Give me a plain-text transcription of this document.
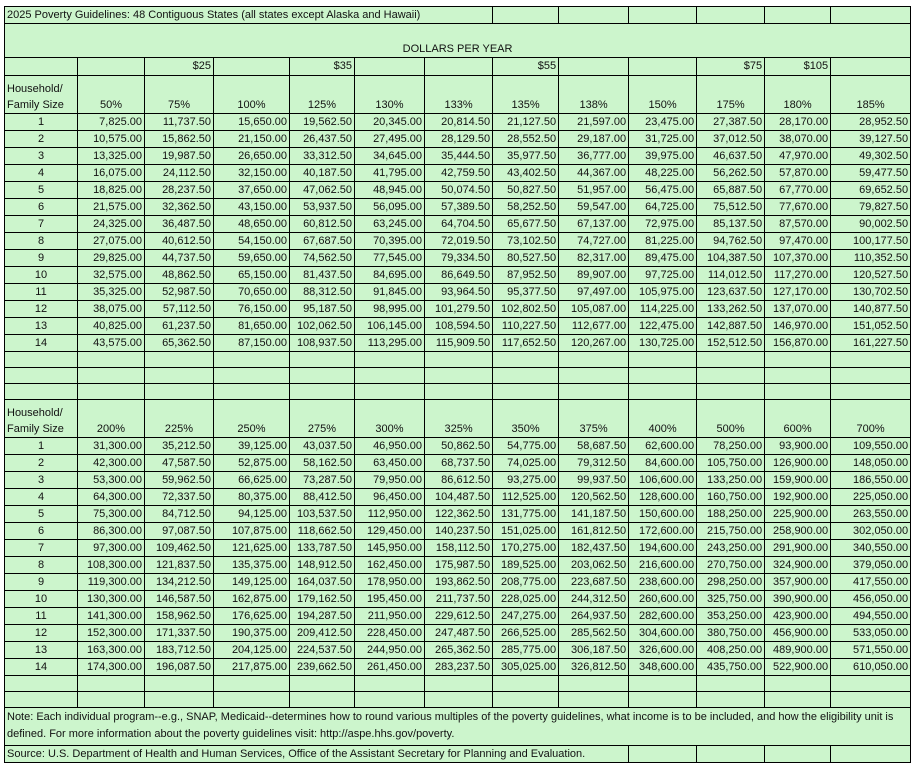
2025 Poverty Guidelines: 48 Contiguous States (all states except Alaska and Hawaii)												
DOLLARS PER YEAR												
		$25		$35			$55			$75	$105	

Household/
Family Size	50%	75%	100%	125%	130%	133%	135%	138%	150%	175%	180%	185%
1	7,825.00	11,737.50	15,650.00	19,562.50	20,345.00	20,814.50	21,127.50	21,597.00	23,475.00	27,387.50	28,170.00	28,952.50
2	10,575.00	15,862.50	21,150.00	26,437.50	27,495.00	28,129.50	28,552.50	29,187.00	31,725.00	37,012.50	38,070.00	39,127.50
3	13,325.00	19,987.50	26,650.00	33,312.50	34,645.00	35,444.50	35,977.50	36,777.00	39,975.00	46,637.50	47,970.00	49,302.50
4	16,075.00	24,112.50	32,150.00	40,187.50	41,795.00	42,759.50	43,402.50	44,367.00	48,225.00	56,262.50	57,870.00	59,477.50
5	18,825.00	28,237.50	37,650.00	47,062.50	48,945.00	50,074.50	50,827.50	51,957.00	56,475.00	65,887.50	67,770.00	69,652.50
6	21,575.00	32,362.50	43,150.00	53,937.50	56,095.00	57,389.50	58,252.50	59,547.00	64,725.00	75,512.50	77,670.00	79,827.50
7	24,325.00	36,487.50	48,650.00	60,812.50	63,245.00	64,704.50	65,677.50	67,137.00	72,975.00	85,137.50	87,570.00	90,002.50
8	27,075.00	40,612.50	54,150.00	67,687.50	70,395.00	72,019.50	73,102.50	74,727.00	81,225.00	94,762.50	97,470.00	100,177.50
9	29,825.00	44,737.50	59,650.00	74,562.50	77,545.00	79,334.50	80,527.50	82,317.00	89,475.00	104,387.50	107,370.00	110,352.50
10	32,575.00	48,862.50	65,150.00	81,437.50	84,695.00	86,649.50	87,952.50	89,907.00	97,725.00	114,012.50	117,270.00	120,527.50
11	35,325.00	52,987.50	70,650.00	88,312.50	91,845.00	93,964.50	95,377.50	97,497.00	105,975.00	123,637.50	127,170.00	130,702.50
12	38,075.00	57,112.50	76,150.00	95,187.50	98,995.00	101,279.50	102,802.50	105,087.00	114,225.00	133,262.50	137,070.00	140,877.50
13	40,825.00	61,237.50	81,650.00	102,062.50	106,145.00	108,594.50	110,227.50	112,677.00	122,475.00	142,887.50	146,970.00	151,052.50
14	43,575.00	65,362.50	87,150.00	108,937.50	113,295.00	115,909.50	117,652.50	120,267.00	130,725.00	152,512.50	156,870.00	161,227.50

Household/
Family Size	200%	225%	250%	275%	300%	325%	350%	375%	400%	500%	600%	700%
1	31,300.00	35,212.50	39,125.00	43,037.50	46,950.00	50,862.50	54,775.00	58,687.50	62,600.00	78,250.00	93,900.00	109,550.00
2	42,300.00	47,587.50	52,875.00	58,162.50	63,450.00	68,737.50	74,025.00	79,312.50	84,600.00	105,750.00	126,900.00	148,050.00
3	53,300.00	59,962.50	66,625.00	73,287.50	79,950.00	86,612.50	93,275.00	99,937.50	106,600.00	133,250.00	159,900.00	186,550.00
4	64,300.00	72,337.50	80,375.00	88,412.50	96,450.00	104,487.50	112,525.00	120,562.50	128,600.00	160,750.00	192,900.00	225,050.00
5	75,300.00	84,712.50	94,125.00	103,537.50	112,950.00	122,362.50	131,775.00	141,187.50	150,600.00	188,250.00	225,900.00	263,550.00
6	86,300.00	97,087.50	107,875.00	118,662.50	129,450.00	140,237.50	151,025.00	161,812.50	172,600.00	215,750.00	258,900.00	302,050.00
7	97,300.00	109,462.50	121,625.00	133,787.50	145,950.00	158,112.50	170,275.00	182,437.50	194,600.00	243,250.00	291,900.00	340,550.00
8	108,300.00	121,837.50	135,375.00	148,912.50	162,450.00	175,987.50	189,525.00	203,062.50	216,600.00	270,750.00	324,900.00	379,050.00
9	119,300.00	134,212.50	149,125.00	164,037.50	178,950.00	193,862.50	208,775.00	223,687.50	238,600.00	298,250.00	357,900.00	417,550.00
10	130,300.00	146,587.50	162,875.00	179,162.50	195,450.00	211,737.50	228,025.00	244,312.50	260,600.00	325,750.00	390,900.00	456,050.00
11	141,300.00	158,962.50	176,625.00	194,287.50	211,950.00	229,612.50	247,275.00	264,937.50	282,600.00	353,250.00	423,900.00	494,550.00
12	152,300.00	171,337.50	190,375.00	209,412.50	228,450.00	247,487.50	266,525.00	285,562.50	304,600.00	380,750.00	456,900.00	533,050.00
13	163,300.00	183,712.50	204,125.00	224,537.50	244,950.00	265,362.50	285,775.00	306,187.50	326,600.00	408,250.00	489,900.00	571,550.00
14	174,300.00	196,087.50	217,875.00	239,662.50	261,450.00	283,237.50	305,025.00	326,812.50	348,600.00	435,750.00	522,900.00	610,050.00

Note: Each individual program--e.g., SNAP, Medicaid--determines how to round various multiples of the poverty guidelines, what income is to be included, and how the eligibility unit is defined. For more information about the poverty guidelines visit: http://aspe.hhs.gov/poverty.												
Source: U.S. Department of Health and Human Services, Office of the Assistant Secretary for Planning and Evaluation.												
